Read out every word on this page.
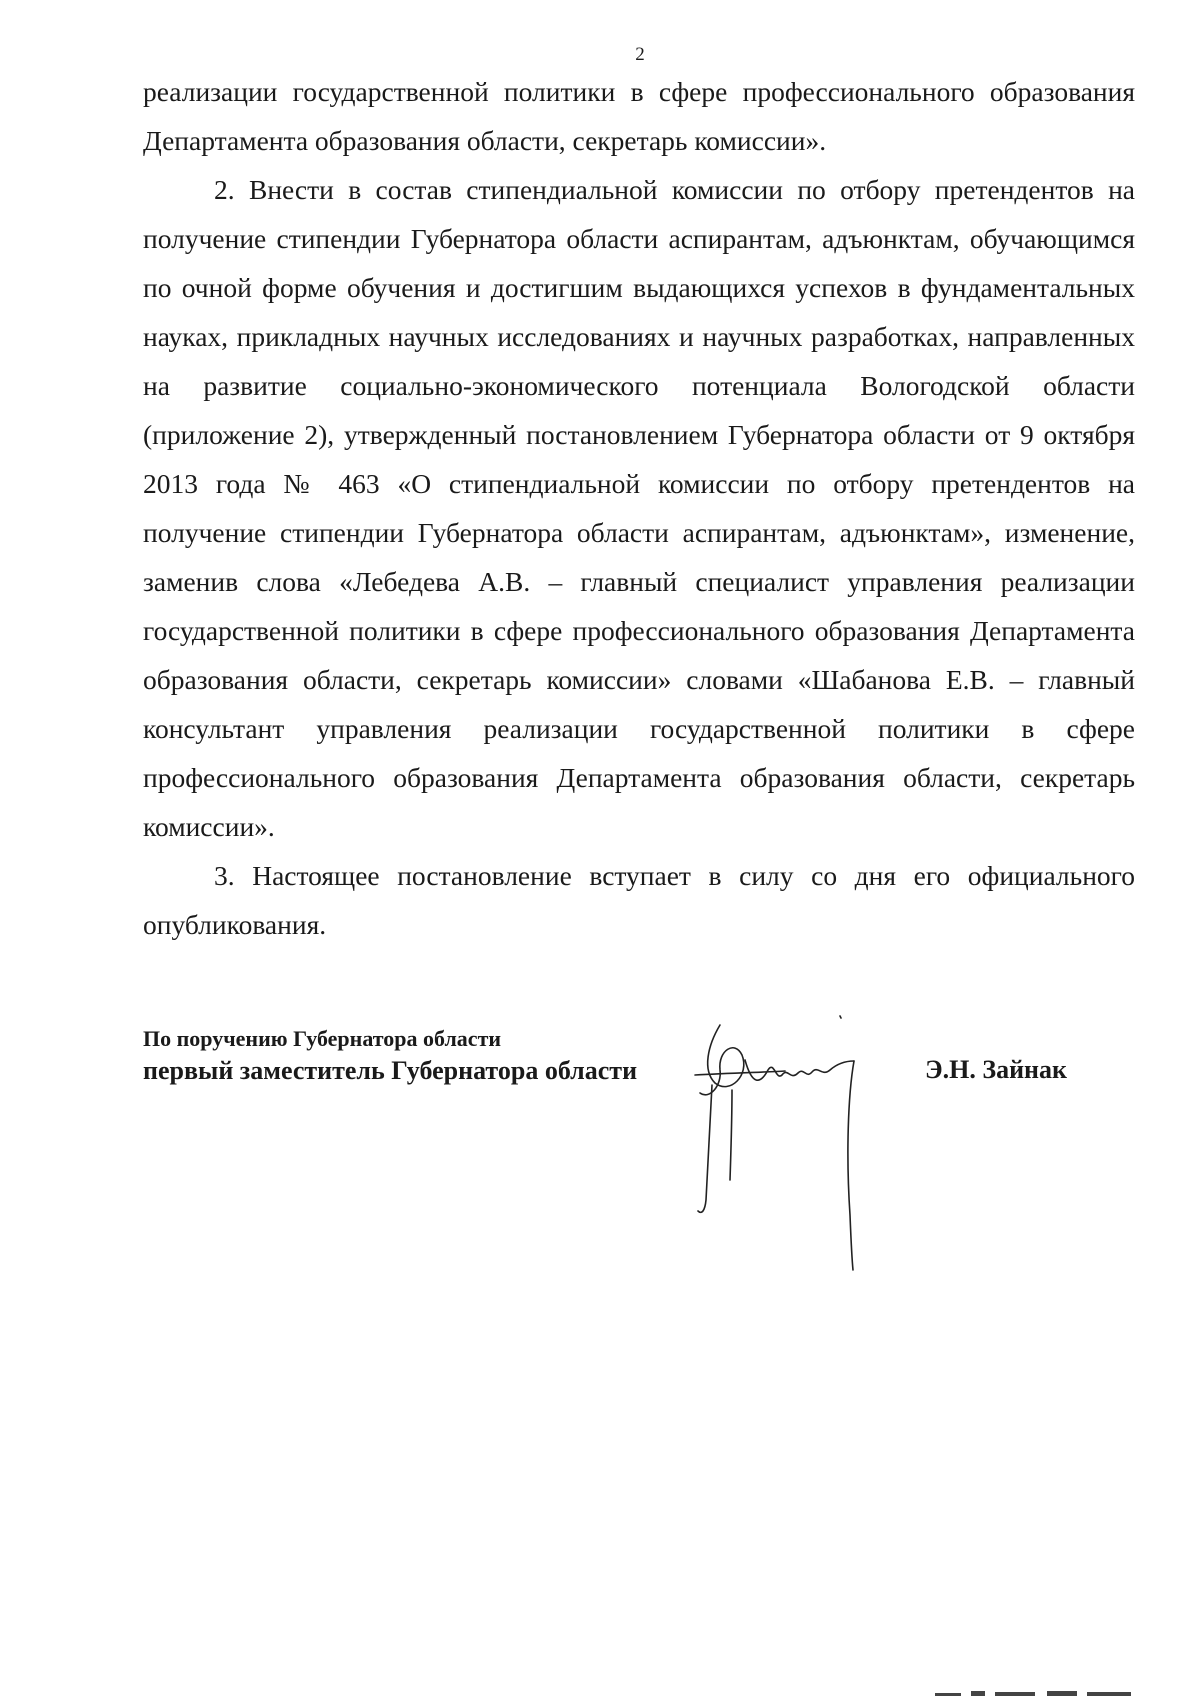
2

реализации государственной политики в сфере профессионального образования Департамента образования области, секретарь комиссии».

2. Внести в состав стипендиальной комиссии по отбору претендентов на получение стипендии Губернатора области аспирантам, адъюнктам, обучающимся по очной форме обучения и достигшим выдающихся успехов в фундаментальных науках, прикладных научных исследованиях и научных разработках, направленных на развитие социально-экономического потенциала Вологодской области (приложение 2), утвержденный постановлением Губернатора области от 9 октября 2013 года № 463 «О стипендиальной комиссии по отбору претендентов на получение стипендии Губернатора области аспирантам, адъюнктам», изменение, заменив слова «Лебедева А.В. – главный специалист управления реализации государственной политики в сфере профессионального образования Департамента образования области, секретарь комиссии» словами «Шабанова Е.В. – главный консультант управления реализации государственной политики в сфере профессионального образования Департамента образования области, секретарь комиссии».

3. Настоящее постановление вступает в силу со дня его официального опубликования.

По поручению Губернатора области
первый заместитель Губернатора области	Э.Н. Зайнак
